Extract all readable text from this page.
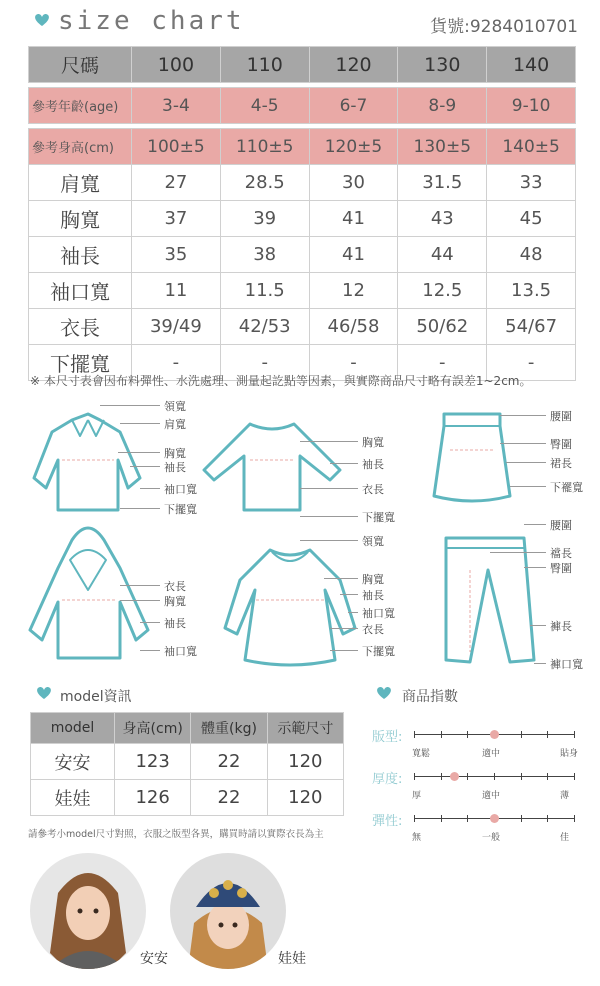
size chart	貨號:9284010701
尺碼	100	110	120	130	140

參考年齡(age)	3-4	4-5	6-7	8-9	9-10

參考身高(cm)	100±5	110±5	120±5	130±5	140±5
肩寬	27	28.5	30	31.5	33
胸寬	37	39	41	43	45
袖長	35	38	41	44	48
袖口寬	11	11.5	12	12.5	13.5
衣長	39/49	42/53	46/58	50/62	54/67
下擺寬	-	-	-	-	-
※ 本尺寸表會因布料彈性、水洗處理、測量起訖點等因素，與實際商品尺寸略有誤差1~2cm。
領寬
肩寬
胸寬
袖長
袖口寬
下擺寬
胸寬
袖長
衣長
下擺寬
腰圍
臀圍
裙長
下襬寬
衣長
胸寬
袖長
袖口寬
領寬
胸寬
袖長
袖口寬
衣長
下擺寬
腰圍
襠長
臀圍
褲長
褲口寬
model資訊
model	身高(cm)	體重(kg)	示範尺寸
安安	123	22	120
娃娃	126	22	120
請參考小model尺寸對照，衣服之版型各異，購買時請以實際衣長為主
商品指數
版型:
寬鬆	適中	貼身
厚度:
厚	適中	薄
彈性:
無	一般	佳
安安	娃娃
